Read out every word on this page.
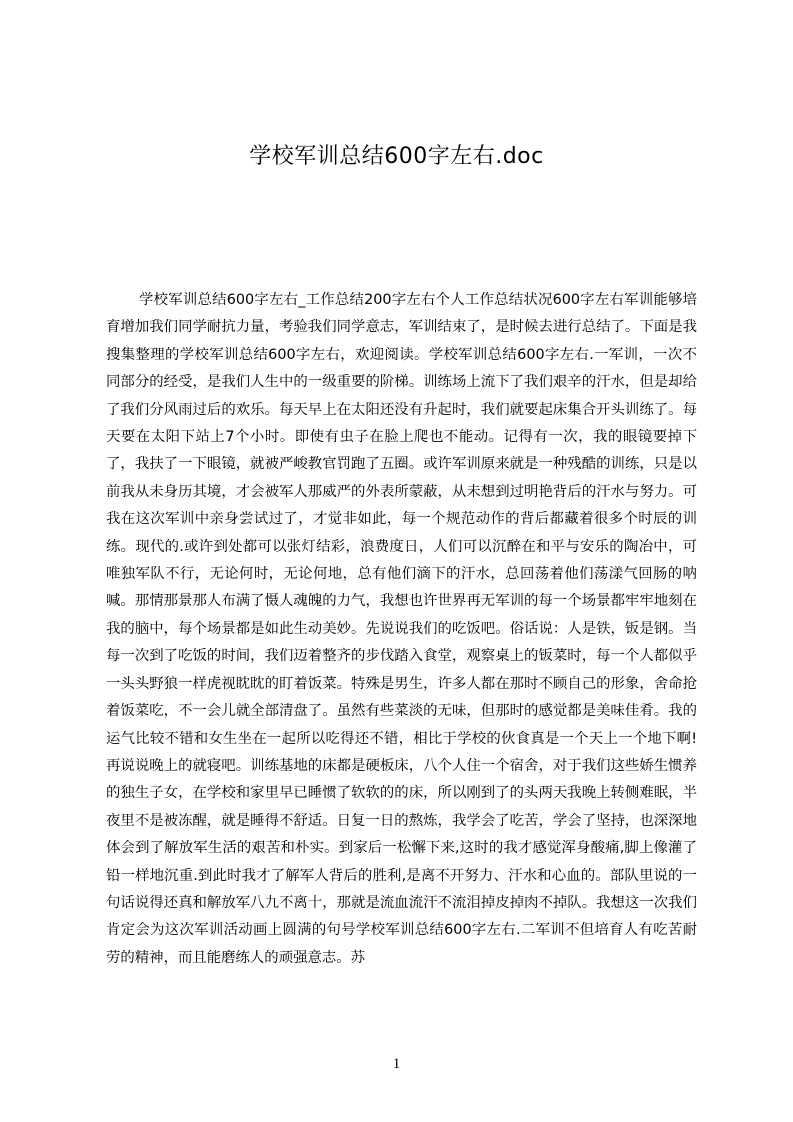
学校军训总结600字左右.doc

学校军训总结600字左右_工作总结200字左右个人工作总结状况600字左右军训能够培育增加我们同学耐抗力量，考验我们同学意志，军训结束了，是时候去进行总结了。下面是我搜集整理的学校军训总结600字左右，欢迎阅读。学校军训总结600字左右.一军训，一次不同部分的经受，是我们人生中的一级重要的阶梯。训练场上流下了我们艰辛的汗水，但是却给了我们分风雨过后的欢乐。每天早上在太阳还没有升起时，我们就要起床集合开头训练了。每天要在太阳下站上7个小时。即使有虫子在脸上爬也不能动。记得有一次，我的眼镜要掉下了，我扶了一下眼镜，就被严峻教官罚跑了五圈。或许军训原来就是一种残酷的训练，只是以前我从未身历其境，才会被军人那威严的外表所蒙蔽，从未想到过明艳背后的汗水与努力。可我在这次军训中亲身尝试过了，才觉非如此，每一个规范动作的背后都藏着很多个时辰的训练。现代的.或许到处都可以张灯结彩，浪费度日，人们可以沉醉在和平与安乐的陶冶中，可唯独军队不行，无论何时，无论何地，总有他们滴下的汗水，总回荡着他们荡漾气回肠的呐喊。那情那景那人布满了慑人魂魄的力气，我想也许世界再无军训的每一个场景都牢牢地刻在我的脑中，每个场景都是如此生动美妙。先说说我们的吃饭吧。俗话说：人是铁，钣是钢。当每一次到了吃饭的时间，我们迈着整齐的步伐踏入食堂，观察桌上的钣菜时，每一个人都似乎一头头野狼一样虎视眈眈的盯着饭菜。特殊是男生，许多人都在那时不顾自己的形象，舍命抢着饭菜吃，不一会儿就全部清盘了。虽然有些菜淡的无味，但那时的感觉都是美味佳肴。我的运气比较不错和女生坐在一起所以吃得还不错，相比于学校的伙食真是一个天上一个地下啊!再说说晚上的就寝吧。训练基地的床都是硬板床，八个人住一个宿舍，对于我们这些娇生惯养的独生子女，在学校和家里早已睡惯了软软的的床，所以刚到了的头两天我晚上转侧难眠，半夜里不是被冻醒，就是睡得不舒适。日复一日的熬炼，我学会了吃苦，学会了坚持，也深深地体会到了解放军生活的艰苦和朴实。到家后一松懈下来,这时的我才感觉浑身酸痛,脚上像灌了铅一样地沉重.到此时我才了解军人背后的胜利,是离不开努力、汗水和心血的。部队里说的一句话说得还真和解放军八九不离十，那就是流血流汗不流泪掉皮掉肉不掉队。我想这一次我们肯定会为这次军训活动画上圆满的句号学校军训总结600字左右.二军训不但培育人有吃苦耐劳的精神，而且能磨练人的顽强意志。苏

1
